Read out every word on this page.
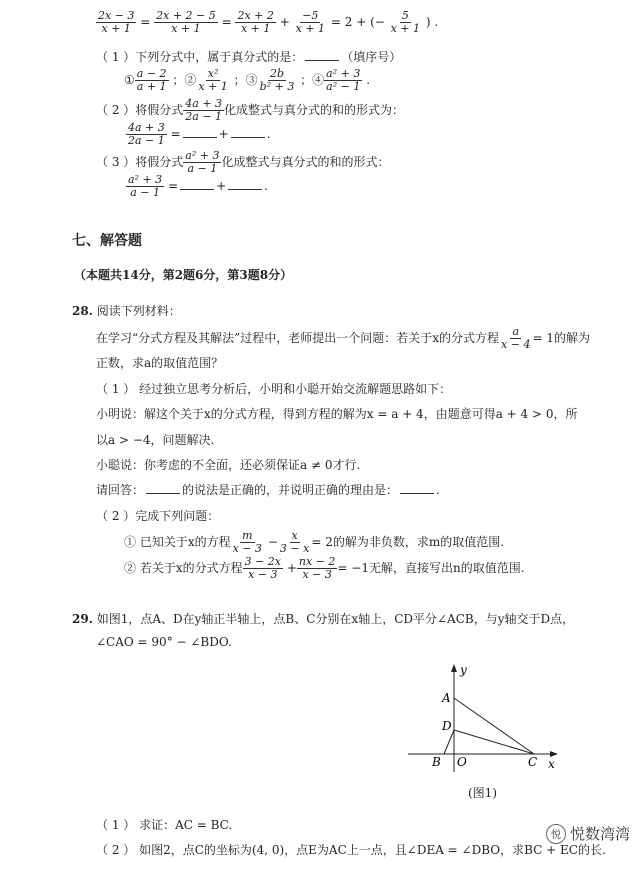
$\frac{2x - 3}{x + 1} = \frac{2x + 2 - 5}{x + 1} = \frac{2x + 2}{x + 1} + \frac{-5}{x + 1} = 2$ + (− $\frac{5}{x + 1}$ ) .
（ 1 ）下列分式中，属于真分式的是：	（填序号）
① $\frac{a - 2}{a + 1}$ ；② $\frac{\text{x²}}{x + 1}$ ；③ $\frac{2b}{\text{b² + 3}}$ ；④ $\frac{\text{a² + 3}}{\text{a² − 1}}$ .
（ 2 ）将假分式 $\frac{4a + 3}{2a - 1}$ 化成整式与真分式的和的形式为：
$\frac{4a + 3}{2a - 1}$ =	+	.
（ 3 ）将假分式 $\frac{\text{a² + 3}}{a - 1}$ 化成整式与真分式的和的形式：
$\frac{\text{a² + 3}}{a - 1}$ =	+	.
七、解答题
（本题共14分，第2题6分，第3题8分）
28. 阅读下列材料：
在学习“分式方程及其解法”过程中，老师提出一个问题：若关于x的分式方程 $\frac{a}{x - 4} = 1$的解为
正数，求a的取值范围？
（ 1 ） 经过独立思考分析后，小明和小聪开始交流解题思路如下：
小明说：解这个关于x的分式方程，得到方程的解为x = a + 4，由题意可得a + 4 > 0，所
以a > −4，问题解决.
小聪说：你考虑的不全面，还必须保证a ≠ 0才行.
请回答：	的说法是正确的，并说明正确的理由是：	.
（ 2 ）完成下列问题：
① 已知关于x的方程 $\frac{m}{x - 3} - \frac{x}{3 - x} = 2$的解为非负数，求m的取值范围.
② 若关于x的分式方程 $\frac{3 - 2x}{x - 3} + \frac{nx - 2}{x - 3} = -1$无解，直接写出n的取值范围.
29. 如图1，点A、D在y轴正半轴上，点B、C分别在x轴上，CD平分∠ACB，与y轴交于D点，
∠CAO = 90° − ∠BDO.
y
x
A
D
B O	C
(图1)
（ 1 ） 求证：AC = BC.
（ 2 ） 如图2，点C的坐标为(4, 0)，点E为AC上一点，且∠DEA = ∠DBO，求BC + EC的长.
悦 悦数湾湾
